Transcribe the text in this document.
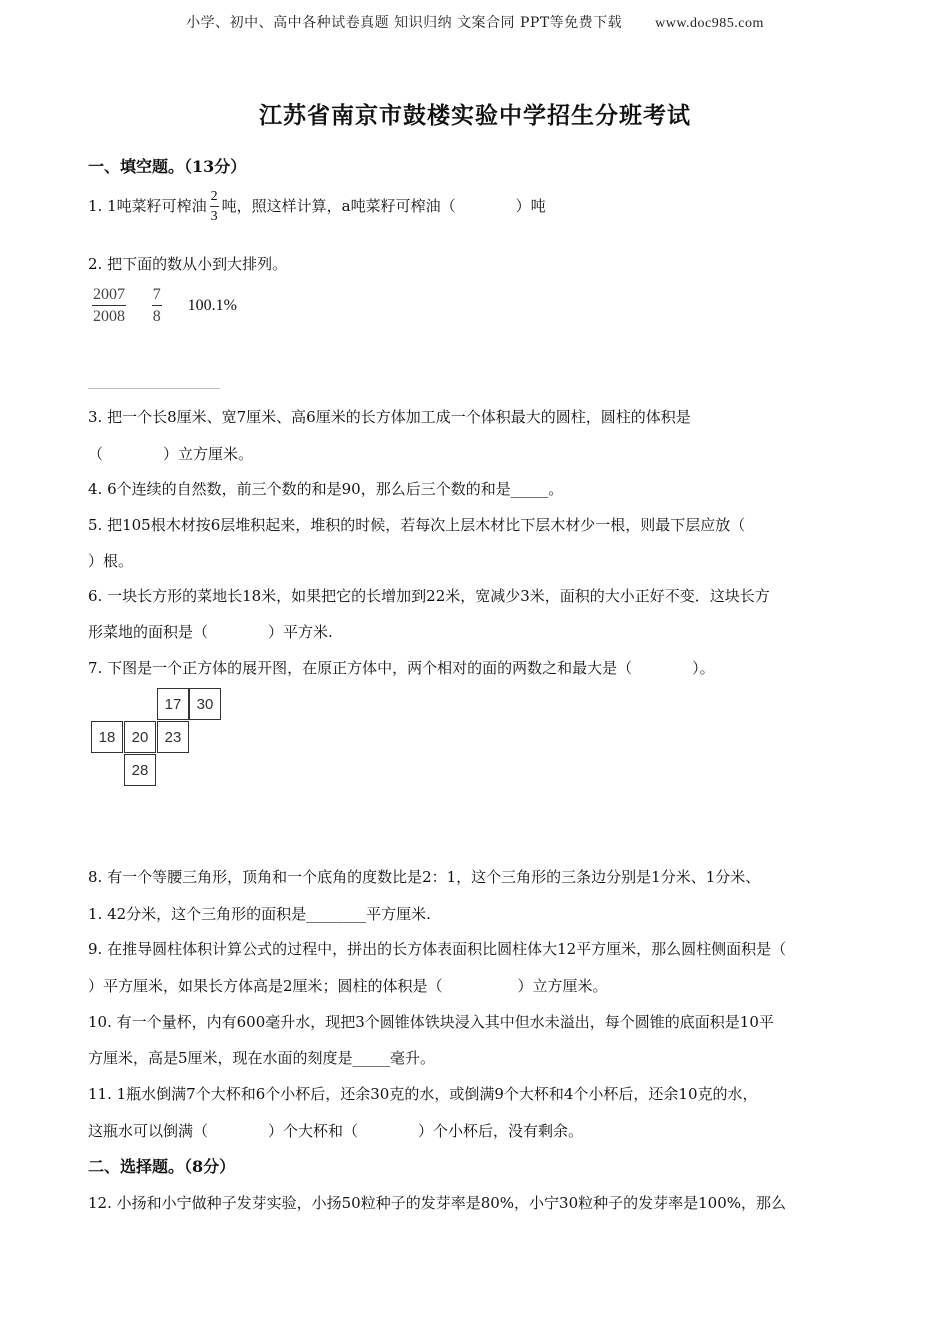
小学、初中、高中各种试卷真题 知识归纳 文案合同 PPT等免费下载 www.doc985.com
江苏省南京市鼓楼实验中学招生分班考试
一、填空题。（13分）
1. 1吨菜籽可榨油 $\frac{2}{3}$ 吨，照这样计算，a吨菜籽可榨油（　　　　）吨
2. 把下面的数从小到大排列。
$\frac{2007}{2008}$
$\frac{7}{8} 100.1\%$
3. 把一个长8厘米、宽7厘米、高6厘米的长方体加工成一个体积最大的圆柱，圆柱的体积是
（　　　　）立方厘米。
4. 6个连续的自然数，前三个数的和是90，那么后三个数的和是_____。
5. 把105根木材按6层堆积起来，堆积的时候，若每次上层木材比下层木材少一根，则最下层应放（
）根。
6. 一块长方形的菜地长18米，如果把它的长增加到22米，宽减少3米，面积的大小正好不变．这块长方
形菜地的面积是（　　　　）平方米.
7. 下图是一个正方体的展开图，在原正方体中，两个相对的面的两数之和最大是（　　　　）。
17	30
18	20	23
28
8. 有一个等腰三角形，顶角和一个底角的度数比是2：1，这个三角形的三条边分别是1分米、1分米、
1. 42分米，这个三角形的面积是________平方厘米.
9. 在推导圆柱体积计算公式的过程中，拼出的长方体表面积比圆柱体大12平方厘米，那么圆柱侧面积是（
）平方厘米，如果长方体高是2厘米；圆柱的体积是（　　　　　）立方厘米。
10. 有一个量杯，内有600毫升水，现把3个圆锥体铁块浸入其中但水未溢出，每个圆锥的底面积是10平
方厘米，高是5厘米，现在水面的刻度是_____毫升。
11. 1瓶水倒满7个大杯和6个小杯后，还余30克的水，或倒满9个大杯和4个小杯后，还余10克的水，
这瓶水可以倒满（　　　　）个大杯和（　　　　）个小杯后，没有剩余。
二、选择题。（8分）
12. 小扬和小宁做种子发芽实验，小扬50粒种子的发芽率是80%，小宁30粒种子的发芽率是100%，那么
